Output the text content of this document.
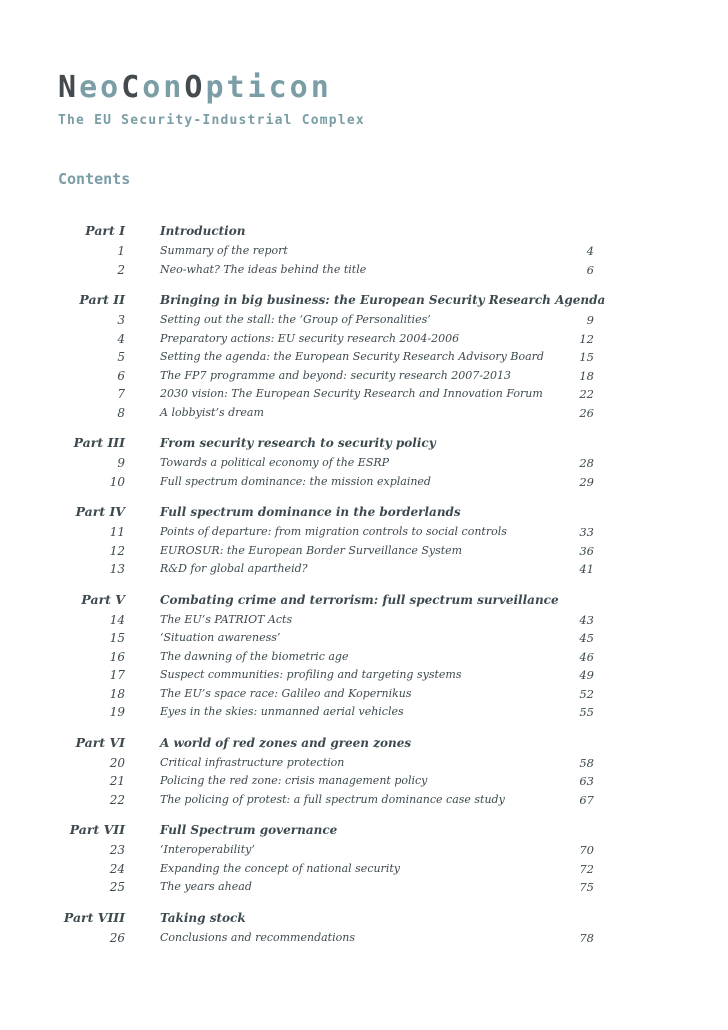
NeoConOpticon
The EU Security-Industrial Complex
Contents
Part I	Introduction
1	Summary of the report	4
2	Neo-what? The ideas behind the title	6
Part II	Bringing in big business: the European Security Research Agenda
3	Setting out the stall: the ‘Group of Personalities’	9
4	Preparatory actions: EU security research 2004-2006	12
5	Setting the agenda: the European Security Research Advisory Board	15
6	The FP7 programme and beyond: security research 2007-2013	18
7	2030 vision: The European Security Research and Innovation Forum	22
8	A lobbyist’s dream	26
Part III	From security research to security policy
9	Towards a political economy of the ESRP	28
10	Full spectrum dominance: the mission explained	29
Part IV	Full spectrum dominance in the borderlands
11	Points of departure: from migration controls to social controls	33
12	EUROSUR: the European Border Surveillance System	36
13	R&D for global apartheid?	41
Part V	Combating crime and terrorism: full spectrum surveillance
14	The EU’s PATRIOT Acts	43
15	‘Situation awareness’	45
16	The dawning of the biometric age	46
17	Suspect communities: profiling and targeting systems	49
18	The EU’s space race: Galileo and Kopernikus	52
19	Eyes in the skies: unmanned aerial vehicles	55
Part VI	A world of red zones and green zones
20	Critical infrastructure protection	58
21	Policing the red zone: crisis management policy	63
22	The policing of protest: a full spectrum dominance case study	67
Part VII	Full Spectrum governance
23	‘Interoperability’	70
24	Expanding the concept of national security	72
25	The years ahead	75
Part VIII	Taking stock
26	Conclusions and recommendations	78
